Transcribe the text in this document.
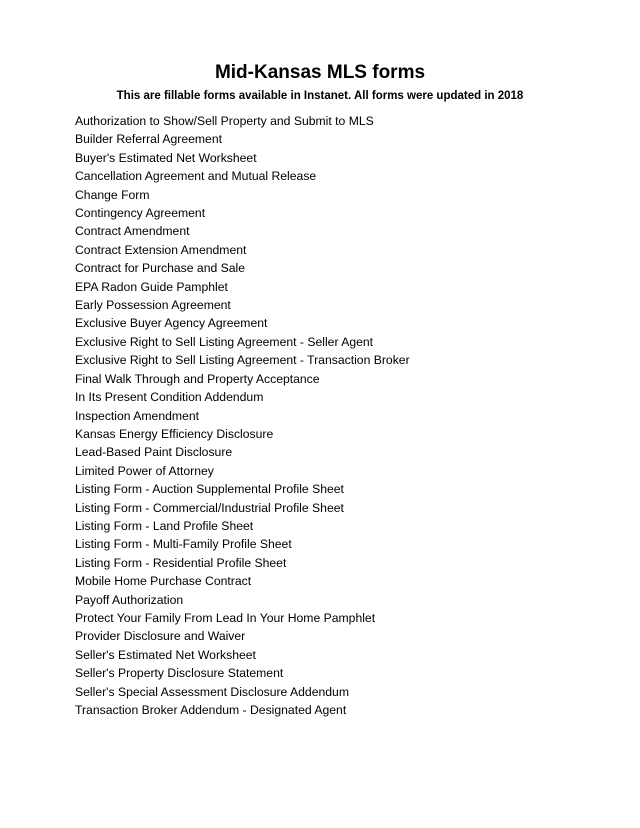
Mid-Kansas MLS forms

This are fillable forms available in Instanet. All forms were updated in 2018

Authorization to Show/Sell Property and Submit to MLS
Builder Referral Agreement
Buyer's Estimated Net Worksheet
Cancellation Agreement and Mutual Release
Change Form
Contingency Agreement
Contract Amendment
Contract Extension Amendment
Contract for Purchase and Sale
EPA Radon Guide Pamphlet
Early Possession Agreement
Exclusive Buyer Agency Agreement
Exclusive Right to Sell Listing Agreement - Seller Agent
Exclusive Right to Sell Listing Agreement - Transaction Broker
Final Walk Through and Property Acceptance
In Its Present Condition Addendum
Inspection Amendment
Kansas Energy Efficiency Disclosure
Lead-Based Paint Disclosure
Limited Power of Attorney
Listing Form - Auction Supplemental Profile Sheet
Listing Form - Commercial/Industrial Profile Sheet
Listing Form - Land Profile Sheet
Listing Form - Multi-Family Profile Sheet
Listing Form - Residential Profile Sheet
Mobile Home Purchase Contract
Payoff Authorization
Protect Your Family From Lead In Your Home Pamphlet
Provider Disclosure and Waiver
Seller's Estimated Net Worksheet
Seller's Property Disclosure Statement
Seller's Special Assessment Disclosure Addendum
Transaction Broker Addendum - Designated Agent
